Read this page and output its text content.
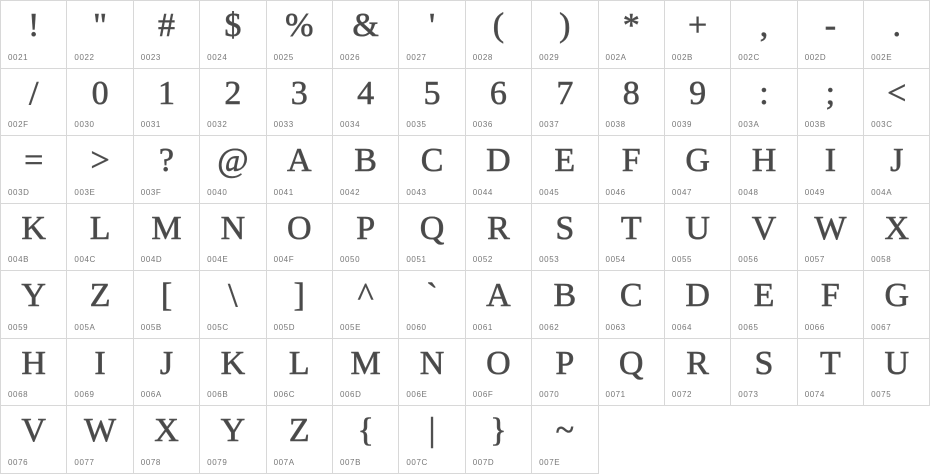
!
0021
"
0022
#
0023
$
0024
%
0025
&
0026
'
0027
(
0028
)
0029
*
002A
+
002B
,
002C
-
002D
.
002E
/
002F
0
0030
1
0031
2
0032
3
0033
4
0034
5
0035
6
0036
7
0037
8
0038
9
0039
:
003A
;
003B
<
003C
=
003D
>
003E
?
003F
@
0040
A
0041
B
0042
C
0043
D
0044
E
0045
F
0046
G
0047
H
0048
I
0049
J
004A
K
004B
L
004C
M
004D
N
004E
O
004F
P
0050
Q
0051
R
0052
S
0053
T
0054
U
0055
V
0056
W
0057
X
0058
Y
0059
Z
005A
[
005B
\
005C
]
005D
^
005E
`
0060
A
0061
B
0062
C
0063
D
0064
E
0065
F
0066
G
0067
H
0068
I
0069
J
006A
K
006B
L
006C
M
006D
N
006E
O
006F
P
0070
Q
0071
R
0072
S
0073
T
0074
U
0075
V
0076
W
0077
X
0078
Y
0079
Z
007A
{
007B
|
007C
}
007D
~
007E
